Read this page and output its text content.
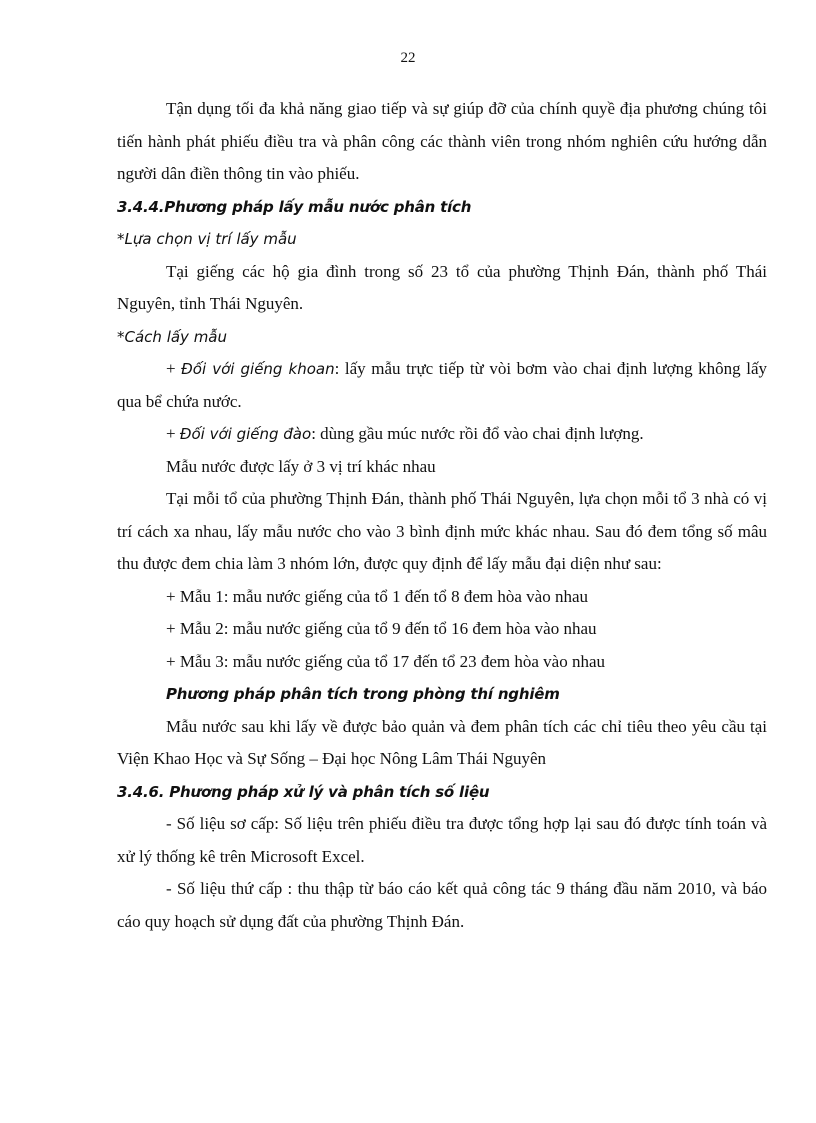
22

Tận dụng tối đa khả năng giao tiếp và sự giúp đỡ của chính quyề địa phương chúng tôi tiến hành phát phiếu điều tra và phân công các thành viên trong nhóm nghiên cứu hướng dẫn người dân điền thông tin vào phiếu.

3.4.4.Phương pháp lấy mẫu nước phân tích

*Lựa chọn vị trí lấy mẫu

Tại giếng các hộ gia đình trong số 23 tổ của phường Thịnh Đán, thành phố Thái Nguyên, tỉnh Thái Nguyên.

*Cách lấy mẫu

+ Đối với giếng khoan: lấy mẫu trực tiếp từ vòi bơm vào chai định lượng không lấy qua bể chứa nước.

+ Đối với giếng đào: dùng gầu múc nước rồi đổ vào chai định lượng.

Mẫu nước được lấy ở 3 vị trí khác nhau

Tại mỗi tổ của phường Thịnh Đán, thành phố Thái Nguyên, lựa chọn mỗi tổ 3 nhà có vị trí cách xa nhau, lấy mẫu nước cho vào 3 bình định mức khác nhau. Sau đó đem tổng số mâu thu được đem chia làm 3 nhóm lớn, được quy định để lấy mẫu đại diện như sau:

+ Mẫu 1: mẫu nước giếng của tổ 1 đến tổ 8 đem hòa vào nhau

+ Mẫu 2: mẫu nước giếng của tổ 9 đến tổ 16 đem hòa vào nhau

+ Mẫu 3: mẫu nước giếng của tổ 17 đến tổ 23 đem hòa vào nhau

Phương pháp phân tích trong phòng thí nghiêm

Mẫu nước sau khi lấy về được bảo quản và đem phân tích các chỉ tiêu theo yêu cầu tại Viện Khao Học và Sự Sống – Đại học Nông Lâm Thái Nguyên

3.4.6. Phương pháp xử lý và phân tích số liệu

- Số liệu sơ cấp: Số liệu trên phiếu điều tra được tổng hợp lại sau đó được tính toán và xử lý thống kê trên Microsoft Excel.

- Số liệu thứ cấp : thu thập từ báo cáo kết quả công tác 9 tháng đầu năm 2010, và báo cáo quy hoạch sử dụng đất của phường Thịnh Đán.
